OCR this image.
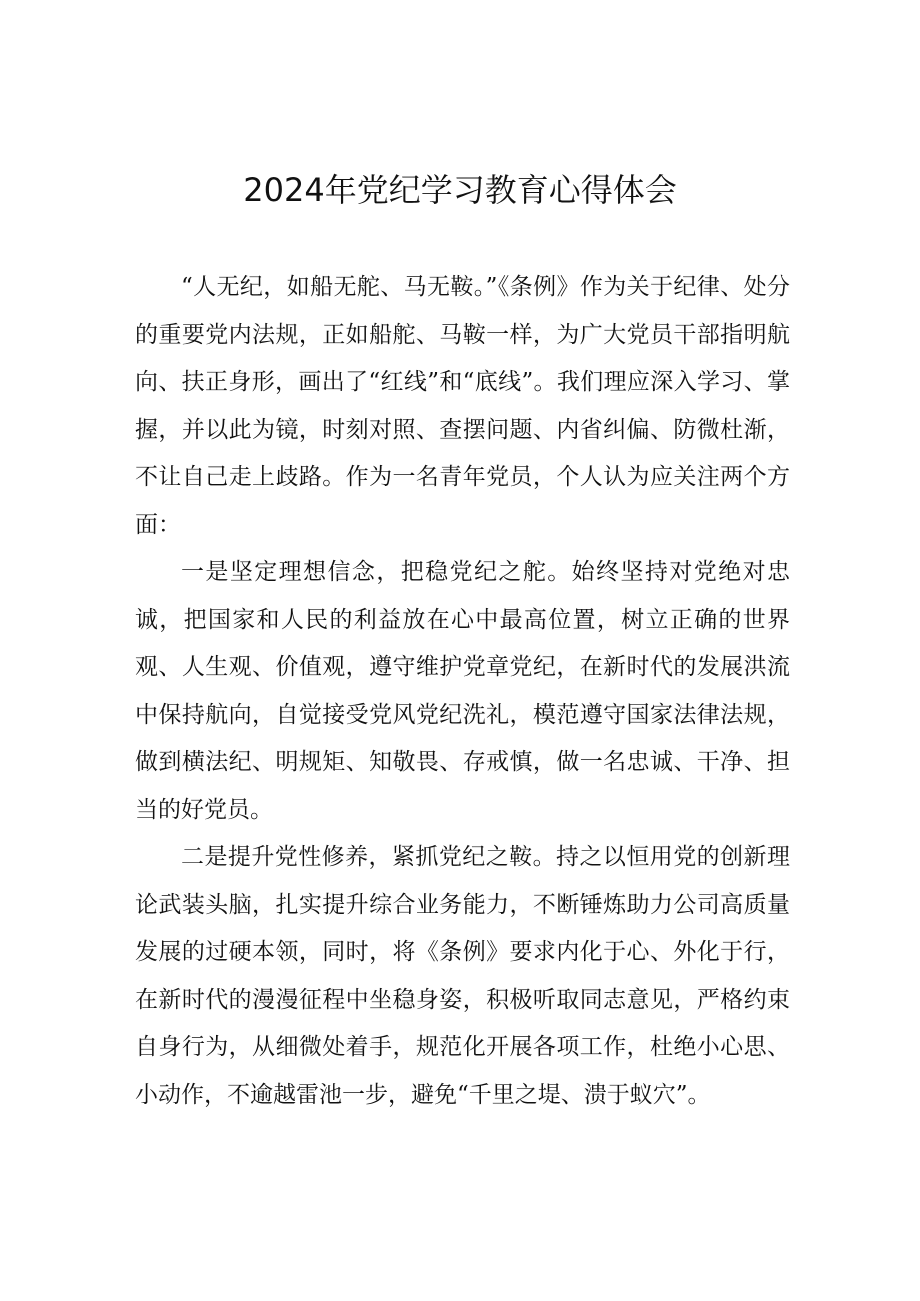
2024年党纪学习教育心得体会

“人无纪，如船无舵、马无鞍。”《条例》作为关于纪律、处分的重要党内法规，正如船舵、马鞍一样，为广大党员干部指明航向、扶正身形，画出了“红线”和“底线”。我们理应深入学习、掌握，并以此为镜，时刻对照、查摆问题、内省纠偏、防微杜渐，不让自己走上歧路。作为一名青年党员，个人认为应关注两个方面：

一是坚定理想信念，把稳党纪之舵。始终坚持对党绝对忠诚，把国家和人民的利益放在心中最高位置，树立正确的世界观、人生观、价值观，遵守维护党章党纪，在新时代的发展洪流中保持航向，自觉接受党风党纪洗礼，模范遵守国家法律法规，做到横法纪、明规矩、知敬畏、存戒慎，做一名忠诚、干净、担当的好党员。

二是提升党性修养，紧抓党纪之鞍。持之以恒用党的创新理论武装头脑，扎实提升综合业务能力，不断锤炼助力公司高质量发展的过硬本领，同时，将《条例》要求内化于心、外化于行，在新时代的漫漫征程中坐稳身姿，积极听取同志意见，严格约束自身行为，从细微处着手，规范化开展各项工作，杜绝小心思、小动作，不逾越雷池一步，避免“千里之堤、溃于蚁穴”。
